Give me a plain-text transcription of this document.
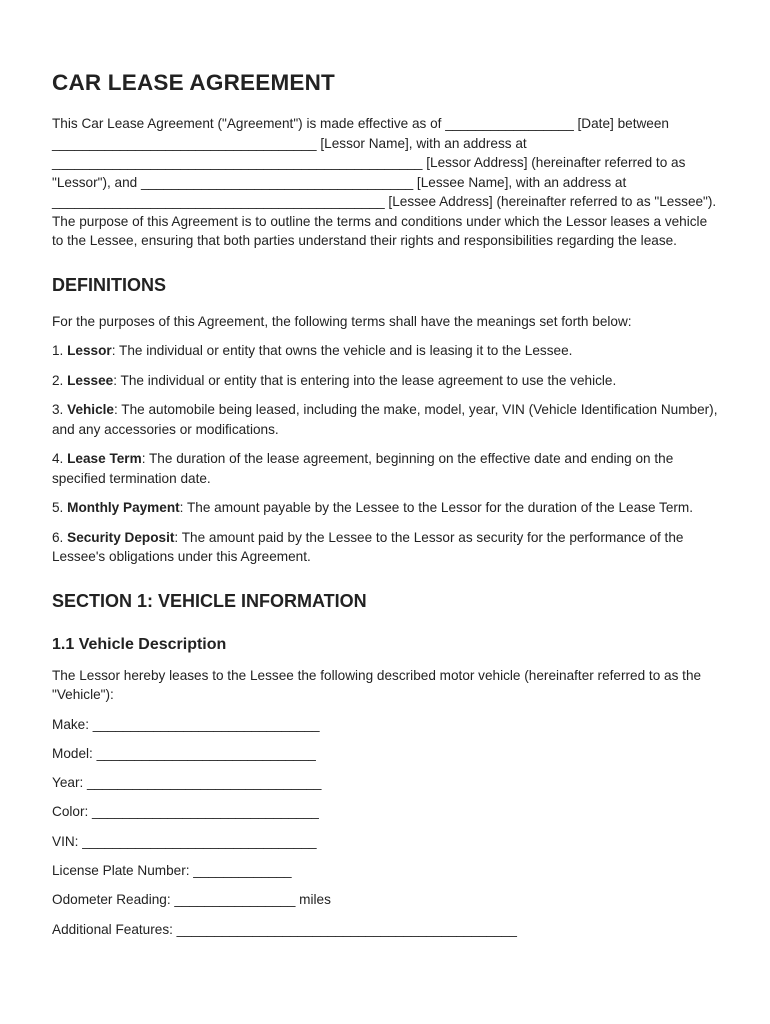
CAR LEASE AGREEMENT

This Car Lease Agreement ("Agreement") is made effective as of _________________ [Date] between ___________________________________ [Lessor Name], with an address at _________________________________________________ [Lessor Address] (hereinafter referred to as "Lessor"), and ____________________________________ [Lessee Name], with an address at ____________________________________________ [Lessee Address] (hereinafter referred to as "Lessee"). The purpose of this Agreement is to outline the terms and conditions under which the Lessor leases a vehicle to the Lessee, ensuring that both parties understand their rights and responsibilities regarding the lease.

DEFINITIONS

For the purposes of this Agreement, the following terms shall have the meanings set forth below:

1. Lessor: The individual or entity that owns the vehicle and is leasing it to the Lessee.

2. Lessee: The individual or entity that is entering into the lease agreement to use the vehicle.

3. Vehicle: The automobile being leased, including the make, model, year, VIN (Vehicle Identification Number), and any accessories or modifications.

4. Lease Term: The duration of the lease agreement, beginning on the effective date and ending on the specified termination date.

5. Monthly Payment: The amount payable by the Lessee to the Lessor for the duration of the Lease Term.

6. Security Deposit: The amount paid by the Lessee to the Lessor as security for the performance of the Lessee's obligations under this Agreement.

SECTION 1: VEHICLE INFORMATION
1.1 Vehicle Description

The Lessor hereby leases to the Lessee the following described motor vehicle (hereinafter referred to as the "Vehicle"):

Make: ______________________________
Model: _____________________________
Year: _______________________________
Color: ______________________________
VIN: _______________________________
License Plate Number: _____________
Odometer Reading: ________________ miles
Additional Features: _____________________________________________
